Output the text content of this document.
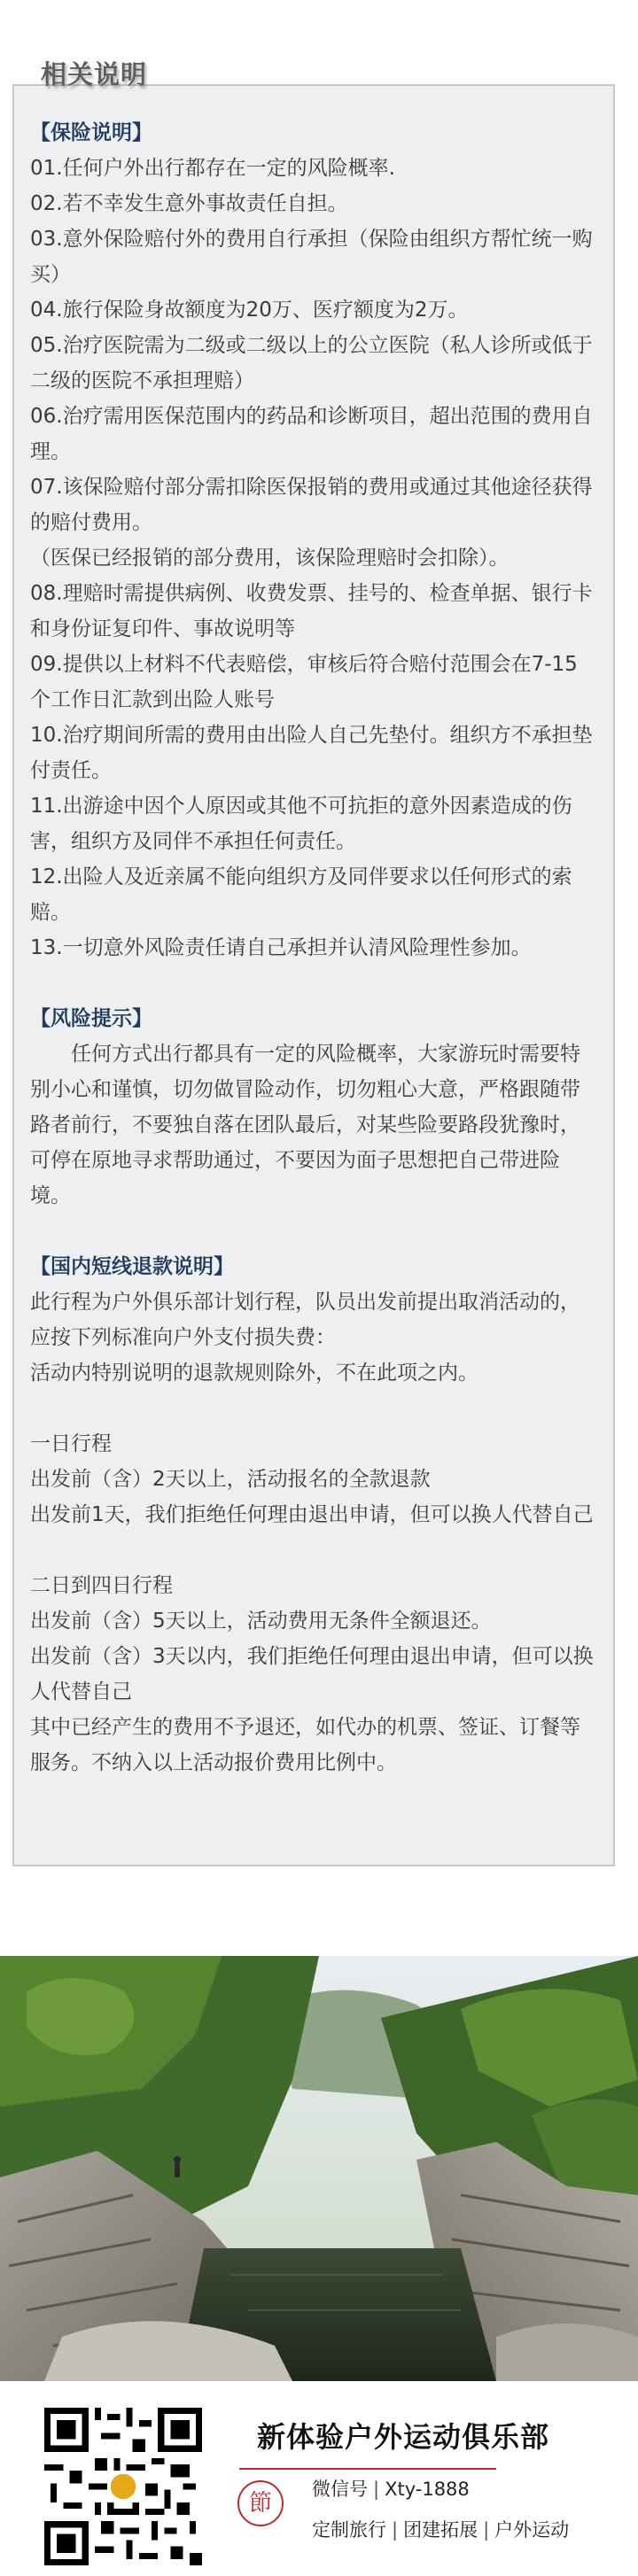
相关说明

【保险说明】

01.任何户外出行都存在一定的风险概率.

02.若不幸发生意外事故责任自担。

03.意外保险赔付外的费用自行承担（保险由组织方帮忙统一购买）

04.旅行保险身故额度为20万、医疗额度为2万。

05.治疗医院需为二级或二级以上的公立医院（私人诊所或低于二级的医院不承担理赔）

06.治疗需用医保范围内的药品和诊断项目，超出范围的费用自理。

07.该保险赔付部分需扣除医保报销的费用或通过其他途径获得的赔付费用。

（医保已经报销的部分费用，该保险理赔时会扣除）。

08.理赔时需提供病例、收费发票、挂号的、检查单据、银行卡和身份证复印件、事故说明等

09.提供以上材料不代表赔偿，审核后符合赔付范围会在7-15个工作日汇款到出险人账号

10.治疗期间所需的费用由出险人自己先垫付。组织方不承担垫付责任。

11.出游途中因个人原因或其他不可抗拒的意外因素造成的伤害，组织方及同伴不承担任何责任。

12.出险人及近亲属不能向组织方及同伴要求以任何形式的索赔。

13.一切意外风险责任请自己承担并认清风险理性参加。

【风险提示】

任何方式出行都具有一定的风险概率，大家游玩时需要特别小心和谨慎，切勿做冒险动作，切勿粗心大意，严格跟随带路者前行，不要独自落在团队最后，对某些险要路段犹豫时，可停在原地寻求帮助通过，不要因为面子思想把自己带进险境。

【国内短线退款说明】

此行程为户外俱乐部计划行程，队员出发前提出取消活动的，应按下列标准向户外支付损失费：

活动内特别说明的退款规则除外，不在此项之内。

一日行程

出发前（含）2天以上，活动报名的全款退款

出发前1天，我们拒绝任何理由退出申请，但可以换人代替自己

二日到四日行程

出发前（含）5天以上，活动费用无条件全额退还。

出发前（含）3天以内，我们拒绝任何理由退出申请，但可以换人代替自己

其中已经产生的费用不予退还，如代办的机票、签证、订餐等服务。不纳入以上活动报价费用比例中。

新体验户外运动俱乐部
節
微信号 | Xty-1888
定制旅行 | 团建拓展 | 户外运动
